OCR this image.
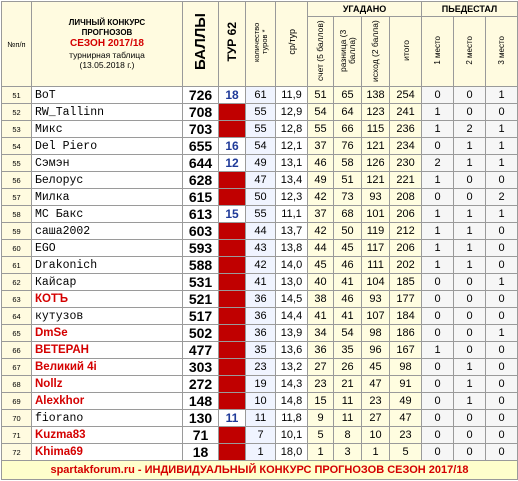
№п/п	ЛИЧНЫЙ КОНКУРС
ПРОГНОЗОВ
СЕЗОН 2017/18
турнирная таблица
(13.05.2018 г.)	БАЛЛЫ	ТУР 62	количество туров *	ср/тур	УГАДАНО				ПЬЕДЕСТАЛ		
						счет (5 баллов)	разница (3 балла)	исход (2 балла)	итого	1 место	2 место	3 место
51	BoT	726	18	61	11,9	51	65	138	254	0	0	1
52	RW_Tallinn	708		55	12,9	54	64	123	241	1	0	0
53	Микс	703		55	12,8	55	66	115	236	1	2	1
54	Del Piero	655	16	54	12,1	37	76	121	234	0	1	1
55	Сэмэн	644	12	49	13,1	46	58	126	230	2	1	1
56	Белорус	628		47	13,4	49	51	121	221	1	0	0
57	Милка	615		50	12,3	42	73	93	208	0	0	2
58	MC Бакс	613	15	55	11,1	37	68	101	206	1	1	1
59	саша2002	603		44	13,7	42	50	119	212	1	1	0
60	EGO	593		43	13,8	44	45	117	206	1	1	0
61	Drakonich	588		42	14,0	45	46	111	202	1	1	0
62	Кайсар	531		41	13,0	40	41	104	185	0	0	1
63	КОТЪ	521		36	14,5	38	46	93	177	0	0	0
64	кутузов	517		36	14,4	41	41	107	184	0	0	0
65	DmSe	502		36	13,9	34	54	98	186	0	0	1
66	ВЕТЕРАН	477		35	13,6	36	35	96	167	1	0	0
67	Великий 4i	303		23	13,2	27	26	45	98	0	1	0
68	Nollz	272		19	14,3	23	21	47	91	0	1	0
69	Alexkhor	148		10	14,8	15	11	23	49	0	1	0
70	fiorano	130	11	11	11,8	9	11	27	47	0	0	0
71	Kuzma83	71		7	10,1	5	8	10	23	0	0	0
72	Khima69	18		1	18,0	1	3	1	5	0	0	0
spartakforum.ru - ИНДИВИДУАЛЬНЫЙ КОНКУРС ПРОГНОЗОВ СЕЗОН 2017/18												
